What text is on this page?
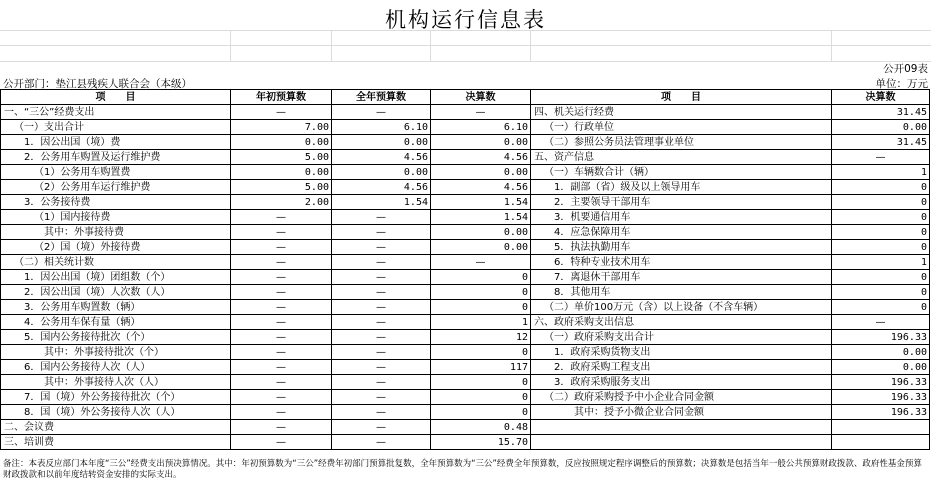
机构运行信息表
公开09表
公开部门：垫江县残疾人联合会（本级）	单位：万元
项　　目	年初预算数	全年预算数	决算数	项　　目	决算数
一、“三公”经费支出	—	—	—	四、机关运行经费	31.45
（一）支出合计	7.00	6.10	6.10	（一）行政单位	0.00
1．因公出国（境）费	0.00	0.00	0.00	（二）参照公务员法管理事业单位	31.45
2．公务用车购置及运行维护费	5.00	4.56	4.56	五、资产信息	—
（1）公务用车购置费	0.00	0.00	0.00	（一）车辆数合计（辆）	1
（2）公务用车运行维护费	5.00	4.56	4.56	1．副部（省）级及以上领导用车	0
3．公务接待费	2.00	1.54	1.54	2．主要领导干部用车	0
（1）国内接待费	—	—	1.54	3．机要通信用车	0
其中：外事接待费	—	—	0.00	4．应急保障用车	0
（2）国（境）外接待费	—	—	0.00	5．执法执勤用车	0
（二）相关统计数	—	—	—	6．特种专业技术用车	1
1．因公出国（境）团组数（个）	—	—	0	7．离退休干部用车	0
2．因公出国（境）人次数（人）	—	—	0	8．其他用车	0
3．公务用车购置数（辆）	—	—	0	（二）单价100万元（含）以上设备（不含车辆）	0
4．公务用车保有量（辆）	—	—	1	六、政府采购支出信息	—
5．国内公务接待批次（个）	—	—	12	（一）政府采购支出合计	196.33
其中：外事接待批次（个）	—	—	0	1．政府采购货物支出	0.00
6．国内公务接待人次（人）	—	—	117	2．政府采购工程支出	0.00
其中：外事接待人次（人）	—	—	0	3．政府采购服务支出	196.33
7．国（境）外公务接待批次（个）	—	—	0	（二）政府采购授予中小企业合同金额	196.33
8．国（境）外公务接待人次（人）	—	—	0	其中：授予小微企业合同金额	196.33
二、会议费	—	—	0.48		
三、培训费	—	—	15.70		
备注：本表反应部门本年度“三公”经费支出预决算情况。其中：年初预算数为“三公”经费年初部门预算批复数，全年预算数为“三公”经费全年预算数，反应按照规定程序调整后的预算数；决算数是包括当年一般公共预算财政拨款、政府性基金预算财政拨款和以前年度结转资金安排的实际支出。
